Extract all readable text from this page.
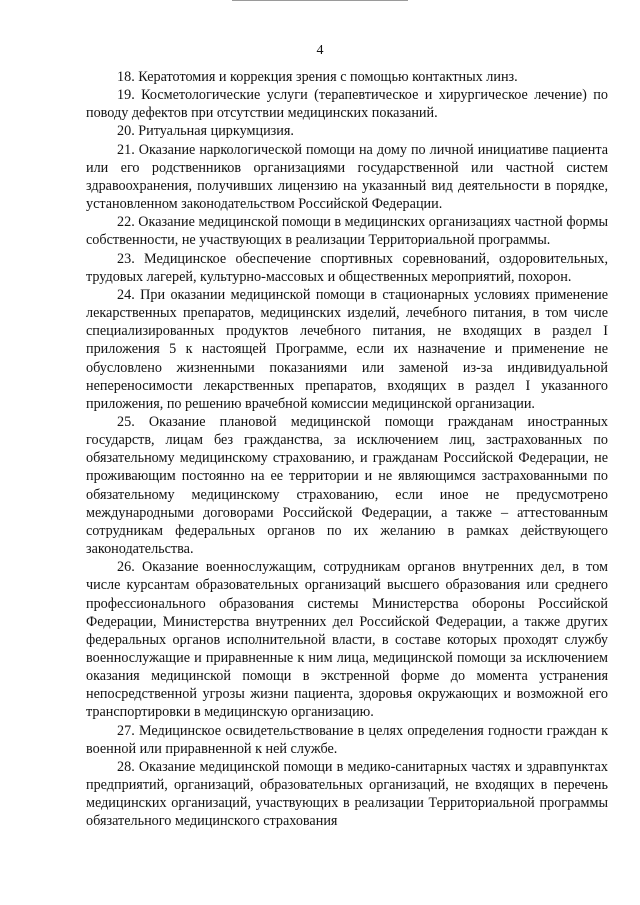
4

18. Кератотомия и коррекция зрения с помощью контактных линз.

19. Косметологические услуги (терапевтическое и хирургическое лечение) по поводу дефектов при отсутствии медицинских показаний.

20. Ритуальная циркумцизия.

21. Оказание наркологической помощи на дому по личной инициативе пациента или его родственников организациями государственной или частной систем здравоохранения, получивших лицензию на указанный вид деятельности в порядке, установленном законодательством Российской Федерации.

22. Оказание медицинской помощи в медицинских организациях частной формы собственности, не участвующих в реализации Территориальной программы.

23. Медицинское обеспечение спортивных соревнований, оздоровительных, трудовых лагерей, культурно-массовых и общественных мероприятий, похорон.

24. При оказании медицинской помощи в стационарных условиях применение лекарственных препаратов, медицинских изделий, лечебного питания, в том числе специализированных продуктов лечебного питания, не входящих в раздел I приложения 5 к настоящей Программе, если их назначение и применение не обусловлено жизненными показаниями или заменой из-за индивидуальной непереносимости лекарственных препаратов, входящих в раздел I указанного приложения, по решению врачебной комиссии медицинской организации.

25. Оказание плановой медицинской помощи гражданам иностранных государств, лицам без гражданства, за исключением лиц, застрахованных по обязательному медицинскому страхованию, и гражданам Российской Федерации, не проживающим постоянно на ее территории и не являющимся застрахованными по обязательному медицинскому страхованию, если иное не предусмотрено международными договорами Российской Федерации, а также – аттестованным сотрудникам федеральных органов по их желанию в рамках действующего законодательства.

26. Оказание военнослужащим, сотрудникам органов внутренних дел, в том числе курсантам образовательных организаций высшего образования или среднего профессионального образования системы Министерства обороны Российской Федерации, Министерства внутренних дел Российской Федерации, а также других федеральных органов исполнительной власти, в составе которых проходят службу военнослужащие и приравненные к ним лица, медицинской помощи за исключением оказания медицинской помощи в экстренной форме до момента устранения непосредственной угрозы жизни пациента, здоровья окружающих и возможной его транспортировки в медицинскую организацию.

27. Медицинское освидетельствование в целях определения годности граждан к военной или приравненной к ней службе.

28. Оказание медицинской помощи в медико-санитарных частях и здравпунктах предприятий, организаций, образовательных организаций, не входящих в перечень медицинских организаций, участвующих в реализации Территориальной программы обязательного медицинского страхования
